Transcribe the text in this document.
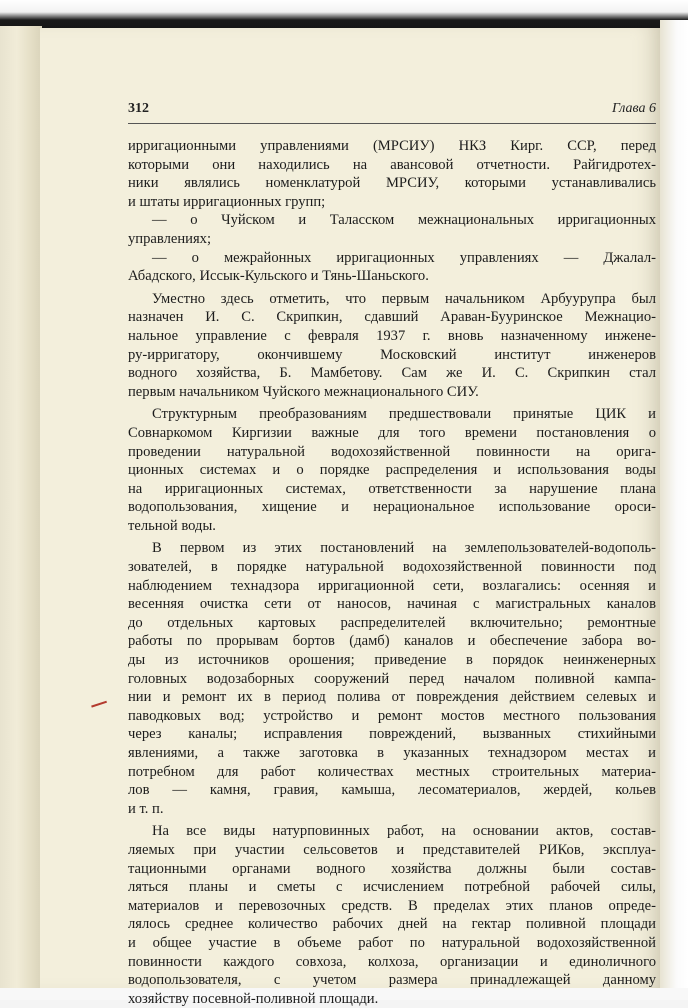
312	Глава 6
ирригационными управлениями (МРСИУ) НКЗ Кирг. ССР, перед
которыми они находились на авансовой отчетности. Райгидротех-
ники являлись номенклатурой МРСИУ, которыми устанавливались
и штаты ирригационных групп;
— о Чуйском и Таласском межнациональных ирригационных
управлениях;
— о межрайонных ирригационных управлениях — Джалал-
Абадского, Иссык-Кульского и Тянь-Шаньского.
Уместно здесь отметить, что первым начальником Арбуурупра был
назначен И. С. Скрипкин, сдавший Араван-Бууринское Межнацио-
нальное управление с февраля 1937 г. вновь назначенному инжене-
ру-ирригатору, окончившему Московский институт инженеров
водного хозяйства, Б. Мамбетову. Сам же И. С. Скрипкин стал
первым начальником Чуйского межнационального СИУ.
Структурным преобразованиям предшествовали принятые ЦИК и
Совнаркомом Киргизии важные для того времени постановления о
проведении натуральной водохозяйственной повинности на орига-
ционных системах и о порядке распределения и использования воды
на ирригационных системах, ответственности за нарушение плана
водопользования, хищение и нерациональное использование ороси-
тельной воды.
В первом из этих постановлений на землепользователей-водополь-
зователей, в порядке натуральной водохозяйственной повинности под
наблюдением технадзора ирригационной сети, возлагались: осенняя и
весенняя очистка сети от наносов, начиная с магистральных каналов
до отдельных картовых распределителей включительно; ремонтные
работы по прорывам бортов (дамб) каналов и обеспечение забора во-
ды из источников орошения; приведение в порядок неинженерных
головных водозаборных сооружений перед началом поливной кампа-
нии и ремонт их в период полива от повреждения действием селевых и
паводковых вод; устройство и ремонт мостов местного пользования
через каналы; исправления повреждений, вызванных стихийными
явлениями, а также заготовка в указанных технадзором местах и
потребном для работ количествах местных строительных материа-
лов — камня, гравия, камыша, лесоматериалов, жердей, кольев
и т. п.
На все виды натурповинных работ, на основании актов, состав-
ляемых при участии сельсоветов и представителей РИКов, эксплуа-
тационными органами водного хозяйства должны были состав-
ляться планы и сметы с исчислением потребной рабочей силы,
материалов и перевозочных средств. В пределах этих планов опреде-
лялось среднее количество рабочих дней на гектар поливной площади
и общее участие в объеме работ по натуральной водохозяйственной
повинности каждого совхоза, колхоза, организации и единоличного
водопользователя, с учетом размера принадлежащей данному
хозяйству посевной-поливной площади.
